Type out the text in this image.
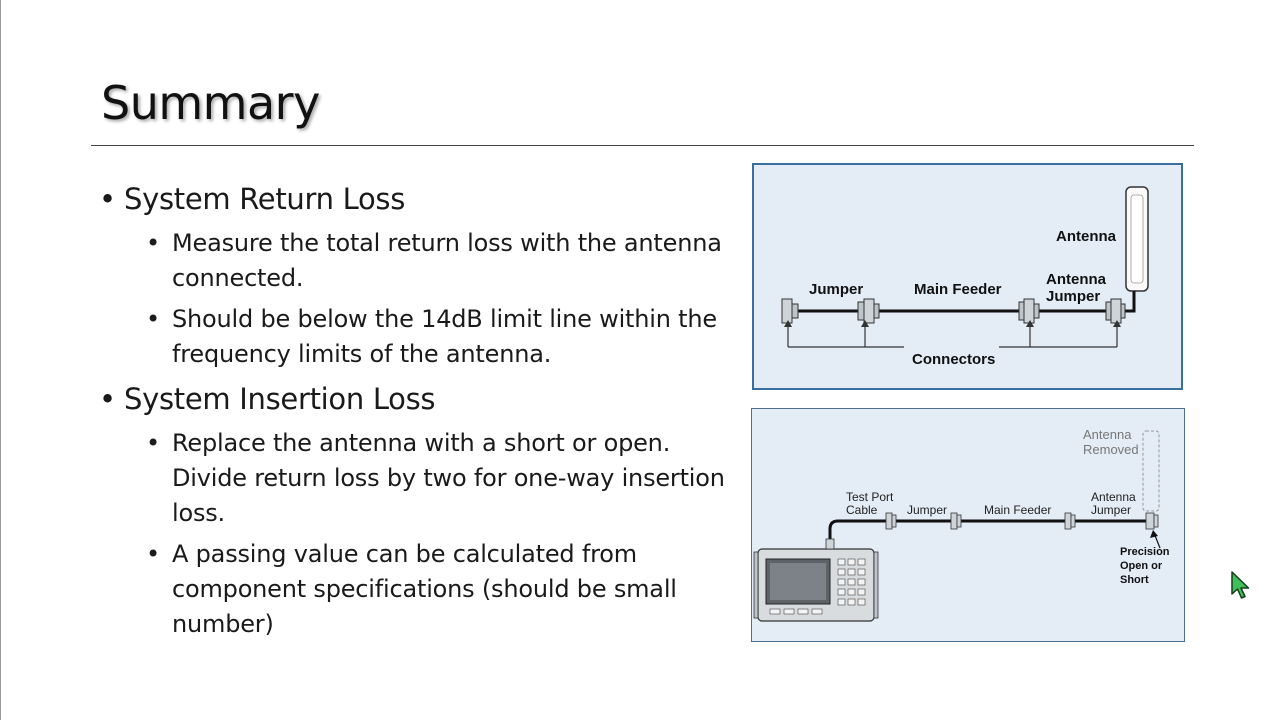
Summary
• System Return Loss
• Measure the total return loss with the antenna connected.
• Should be below the 14dB limit line within the frequency limits of the antenna.
• System Insertion Loss
• Replace the antenna with a short or open. Divide return loss by two for one-way insertion loss.
• A passing value can be calculated from component specifications (should be small number)
Antenna
Jumper	Main Feeder
Antenna
Jumper
Connectors
Antenna
Removed
Test Port
Cable Jumper	Main Feeder
Antenna
Jumper
Precision
Open or
Short
